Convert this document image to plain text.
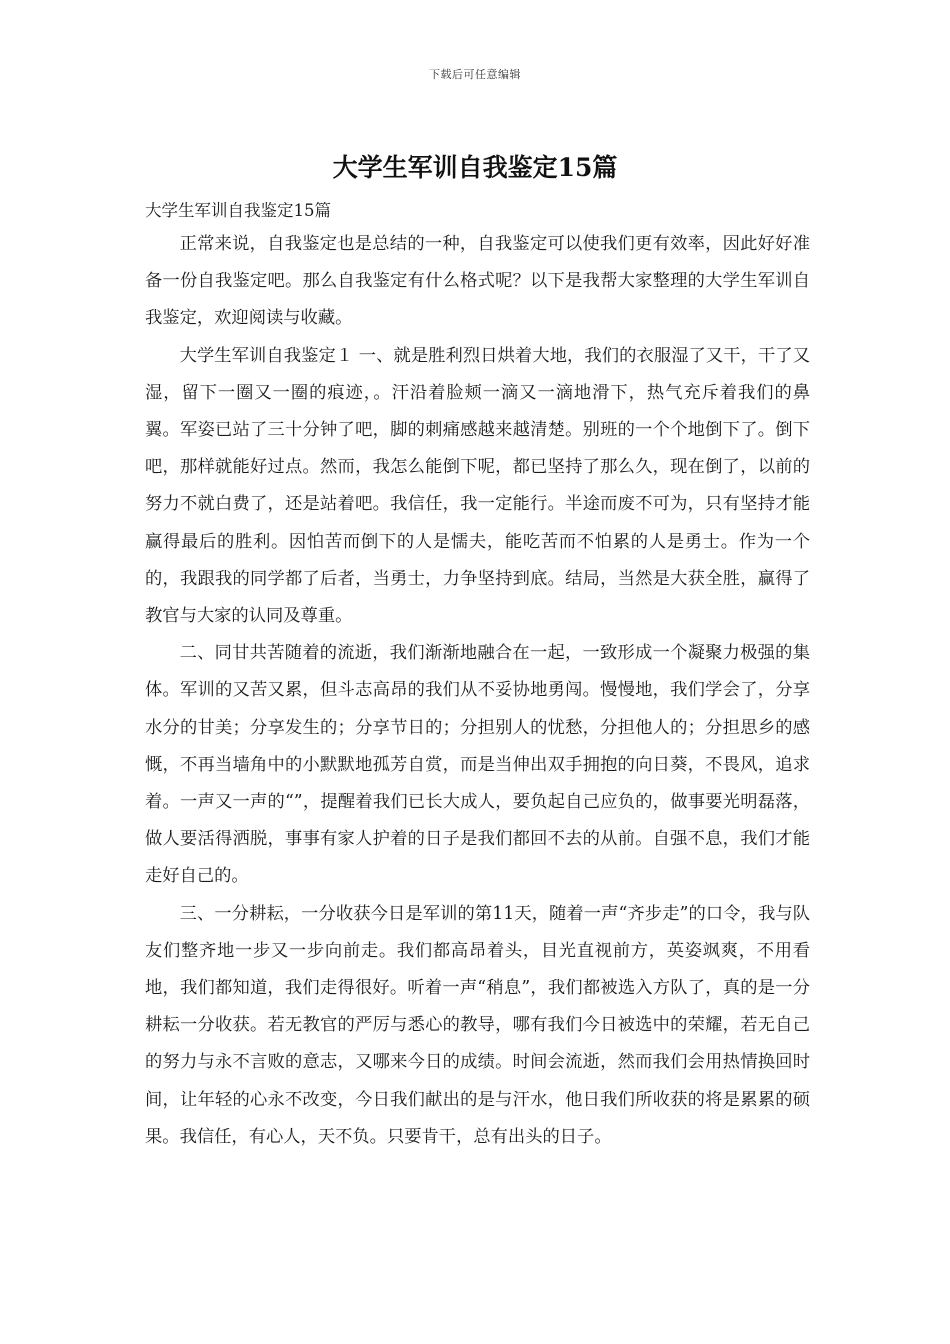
下载后可任意编辑
大学生军训自我鉴定15篇

大学生军训自我鉴定15篇

正常来说，自我鉴定也是总结的一种，自我鉴定可以使我们更有效率，因此好好准备一份自我鉴定吧。那么自我鉴定有什么格式呢？以下是我帮大家整理的大学生军训自我鉴定，欢迎阅读与收藏。

大学生军训自我鉴定１ 一、就是胜利烈日烘着大地，我们的衣服湿了又干，干了又湿，留下一圈又一圈的痕迹，。汗沿着脸颊一滴又一滴地滑下，热气充斥着我们的鼻翼。军姿已站了三十分钟了吧，脚的刺痛感越来越清楚。别班的一个个地倒下了。倒下吧，那样就能好过点。然而，我怎么能倒下呢，都已坚持了那么久，现在倒了，以前的努力不就白费了，还是站着吧。我信任，我一定能行。半途而废不可为，只有坚持才能赢得最后的胜利。因怕苦而倒下的人是懦夫，能吃苦而不怕累的人是勇士。作为一个的，我跟我的同学都了后者，当勇士，力争坚持到底。结局，当然是大获全胜，赢得了教官与大家的认同及尊重。

二、同甘共苦随着的流逝，我们渐渐地融合在一起，一致形成一个凝聚力极强的集体。军训的又苦又累，但斗志高昂的我们从不妥协地勇闯。慢慢地，我们学会了，分享水分的甘美；分享发生的；分享节日的；分担别人的忧愁，分担他人的；分担思乡的感慨，不再当墙角中的小默默地孤芳自赏，而是当伸出双手拥抱的向日葵，不畏风，追求着。一声又一声的“”，提醒着我们已长大成人，要负起自己应负的，做事要光明磊落，做人要活得洒脱，事事有家人护着的日子是我们都回不去的从前。自强不息，我们才能走好自己的。

三、一分耕耘，一分收获今日是军训的第11天，随着一声“齐步走”的口令，我与队友们整齐地一步又一步向前走。我们都高昂着头，目光直视前方，英姿飒爽，不用看地，我们都知道，我们走得很好。听着一声“稍息”，我们都被选入方队了，真的是一分耕耘一分收获。若无教官的严厉与悉心的教导，哪有我们今日被选中的荣耀，若无自己的努力与永不言败的意志，又哪来今日的成绩。时间会流逝，然而我们会用热情换回时间，让年轻的心永不改变，今日我们献出的是与汗水，他日我们所收获的将是累累的硕果。我信任，有心人，天不负。只要肯干，总有出头的日子。
